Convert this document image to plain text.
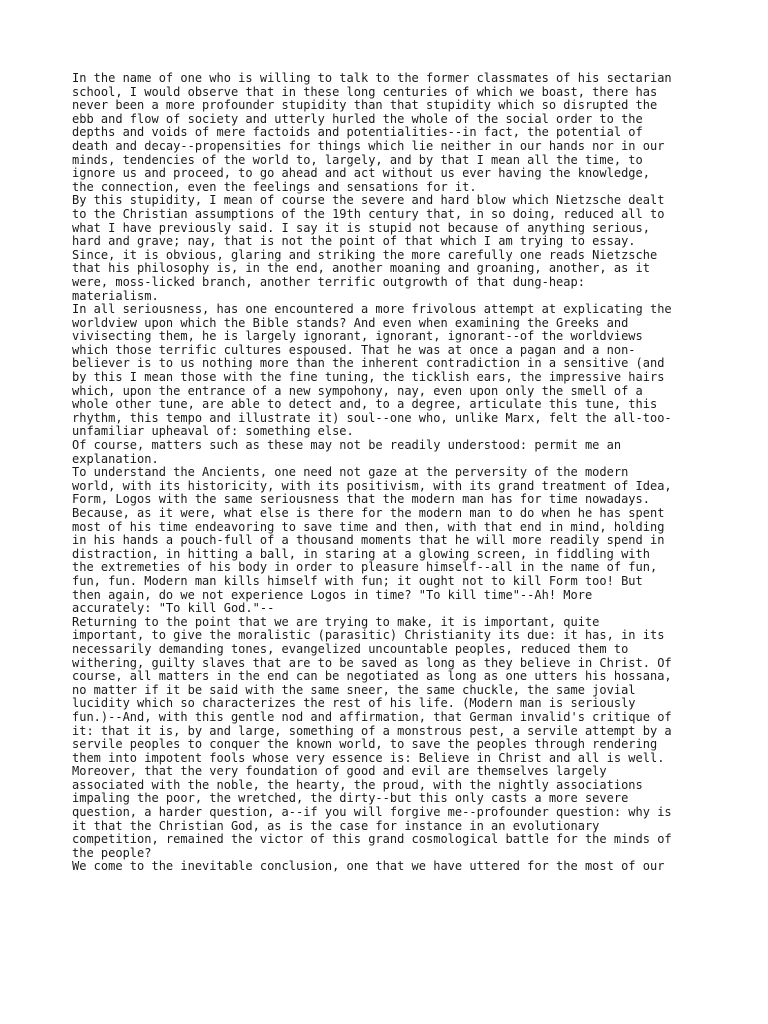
In the name of one who is willing to talk to the former classmates of his sectarian
school, I would observe that in these long centuries of which we boast, there has
never been a more profounder stupidity than that stupidity which so disrupted the
ebb and flow of society and utterly hurled the whole of the social order to the
depths and voids of mere factoids and potentialities--in fact, the potential of
death and decay--propensities for things which lie neither in our hands nor in our
minds, tendencies of the world to, largely, and by that I mean all the time, to
ignore us and proceed, to go ahead and act without us ever having the knowledge,
the connection, even the feelings and sensations for it.
By this stupidity, I mean of course the severe and hard blow which Nietzsche dealt
to the Christian assumptions of the 19th century that, in so doing, reduced all to
what I have previously said. I say it is stupid not because of anything serious,
hard and grave; nay, that is not the point of that which I am trying to essay.
Since, it is obvious, glaring and striking the more carefully one reads Nietzsche
that his philosophy is, in the end, another moaning and groaning, another, as it
were, moss-licked branch, another terrific outgrowth of that dung-heap:
materialism.
In all seriousness, has one encountered a more frivolous attempt at explicating the
worldview upon which the Bible stands? And even when examining the Greeks and
vivisecting them, he is largely ignorant, ignorant, ignorant--of the worldviews
which those terrific cultures espoused. That he was at once a pagan and a non-
believer is to us nothing more than the inherent contradiction in a sensitive (and
by this I mean those with the fine tuning, the ticklish ears, the impressive hairs
which, upon the entrance of a new sympohony, nay, even upon only the smell of a
whole other tune, are able to detect and, to a degree, articulate this tune, this
rhythm, this tempo and illustrate it) soul--one who, unlike Marx, felt the all-too-
unfamiliar upheaval of: something else.
Of course, matters such as these may not be readily understood: permit me an
explanation.
To understand the Ancients, one need not gaze at the perversity of the modern
world, with its historicity, with its positivism, with its grand treatment of Idea,
Form, Logos with the same seriousness that the modern man has for time nowadays.
Because, as it were, what else is there for the modern man to do when he has spent
most of his time endeavoring to save time and then, with that end in mind, holding
in his hands a pouch-full of a thousand moments that he will more readily spend in
distraction, in hitting a ball, in staring at a glowing screen, in fiddling with
the extremeties of his body in order to pleasure himself--all in the name of fun,
fun, fun. Modern man kills himself with fun; it ought not to kill Form too! But
then again, do we not experience Logos in time? "To kill time"--Ah! More
accurately: "To kill God."--
Returning to the point that we are trying to make, it is important, quite
important, to give the moralistic (parasitic) Christianity its due: it has, in its
necessarily demanding tones, evangelized uncountable peoples, reduced them to
withering, guilty slaves that are to be saved as long as they believe in Christ. Of
course, all matters in the end can be negotiated as long as one utters his hossana,
no matter if it be said with the same sneer, the same chuckle, the same jovial
lucidity which so characterizes the rest of his life. (Modern man is seriously
fun.)--And, with this gentle nod and affirmation, that German invalid's critique of
it: that it is, by and large, something of a monstrous pest, a servile attempt by a
servile peoples to conquer the known world, to save the peoples through rendering
them into impotent fools whose very essence is: Believe in Christ and all is well.
Moreover, that the very foundation of good and evil are themselves largely
associated with the noble, the hearty, the proud, with the nightly associations
impaling the poor, the wretched, the dirty--but this only casts a more severe
question, a harder question, a--if you will forgive me--profounder question: why is
it that the Christian God, as is the case for instance in an evolutionary
competition, remained the victor of this grand cosmological battle for the minds of
the people?
We come to the inevitable conclusion, one that we have uttered for the most of our
